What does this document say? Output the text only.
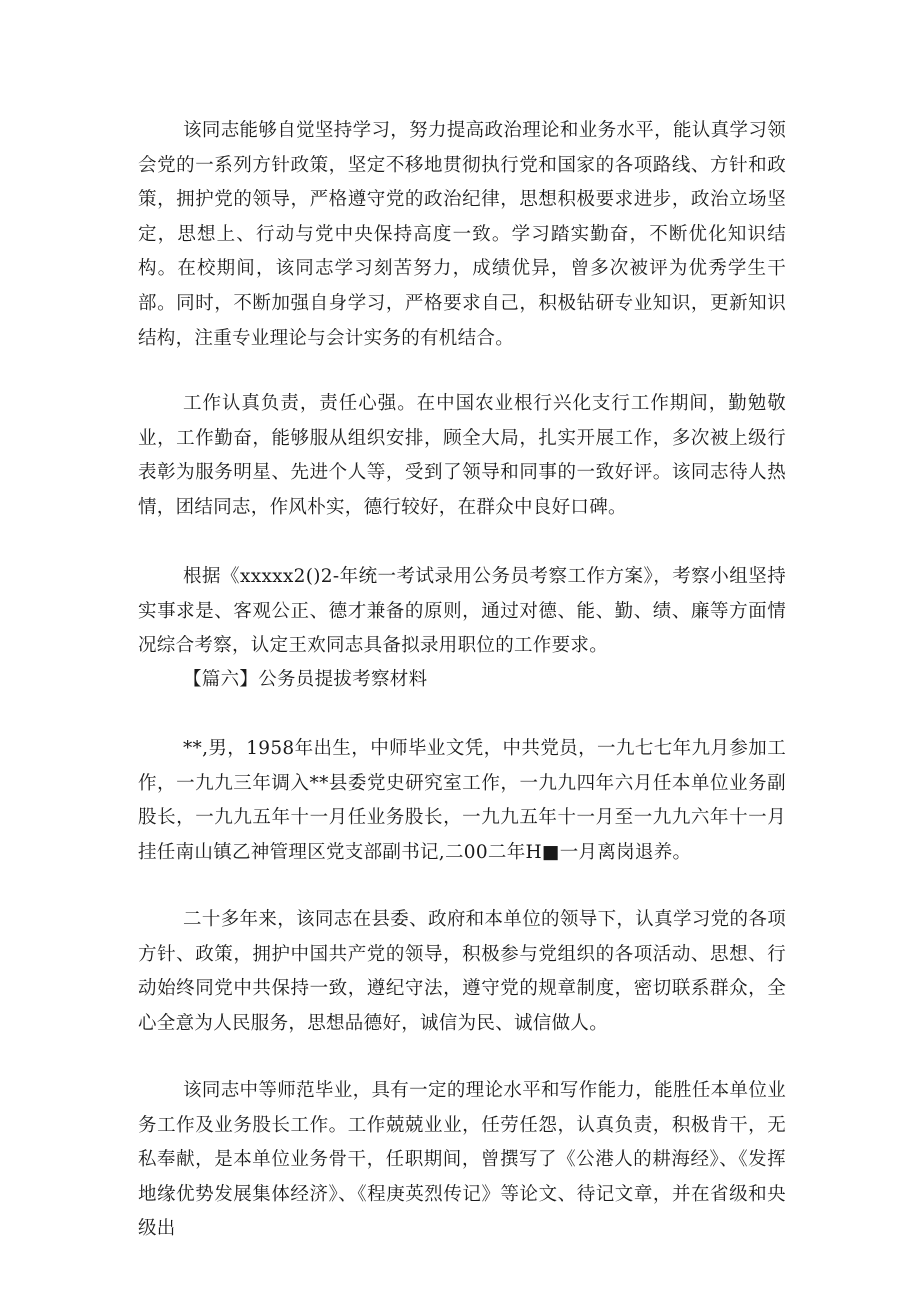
该同志能够自觉坚持学习，努力提高政治理论和业务水平，能认真学习领会党的一系列方针政策，坚定不移地贯彻执行党和国家的各项路线、方针和政策，拥护党的领导，严格遵守党的政治纪律，思想积极要求进步，政治立场坚定，思想上、行动与党中央保持高度一致。学习踏实勤奋，不断优化知识结构。在校期间，该同志学习刻苦努力，成绩优异，曾多次被评为优秀学生干部。同时，不断加强自身学习，严格要求自己，积极钻研专业知识，更新知识结构，注重专业理论与会计实务的有机结合。

工作认真负责，责任心强。在中国农业根行兴化支行工作期间，勤勉敬业，工作勤奋，能够服从组织安排，顾全大局，扎实开展工作，多次被上级行表彰为服务明星、先进个人等，受到了领导和同事的一致好评。该同志待人热情，团结同志，作风朴实，德行较好，在群众中良好口碑。

根据《xxxxx2()2-年统一考试录用公务员考察工作方案》，考察小组坚持实事求是、客观公正、德才兼备的原则，通过对德、能、勤、绩、廉等方面情况综合考察，认定王欢同志具备拟录用职位的工作要求。

【篇六】公务员提拔考察材料

**,男，1958年出生，中师毕业文凭，中共党员，一九七七年九月参加工作，一九九三年调入**县委党史研究室工作，一九九四年六月任本单位业务副股长，一九九五年十一月任业务股长，一九九五年十一月至一九九六年十一月挂任南山镇乙神管理区党支部副书记,二00二年H■一月离岗退养。

二十多年来，该同志在县委、政府和本单位的领导下，认真学习党的各项方针、政策，拥护中国共产党的领导，积极参与党组织的各项活动、思想、行动始终同党中共保持一致，遵纪守法，遵守党的规章制度，密切联系群众，全心全意为人民服务，思想品德好，诚信为民、诚信做人。

该同志中等师范毕业，具有一定的理论水平和写作能力，能胜任本单位业务工作及业务股长工作。工作兢兢业业，任劳任怨，认真负责，积极肯干，无私奉献，是本单位业务骨干，任职期间，曾撰写了《公港人的耕海经》、《发挥地缘优势发展集体经济》、《程庚英烈传记》等论文、待记文章，并在省级和央级出
